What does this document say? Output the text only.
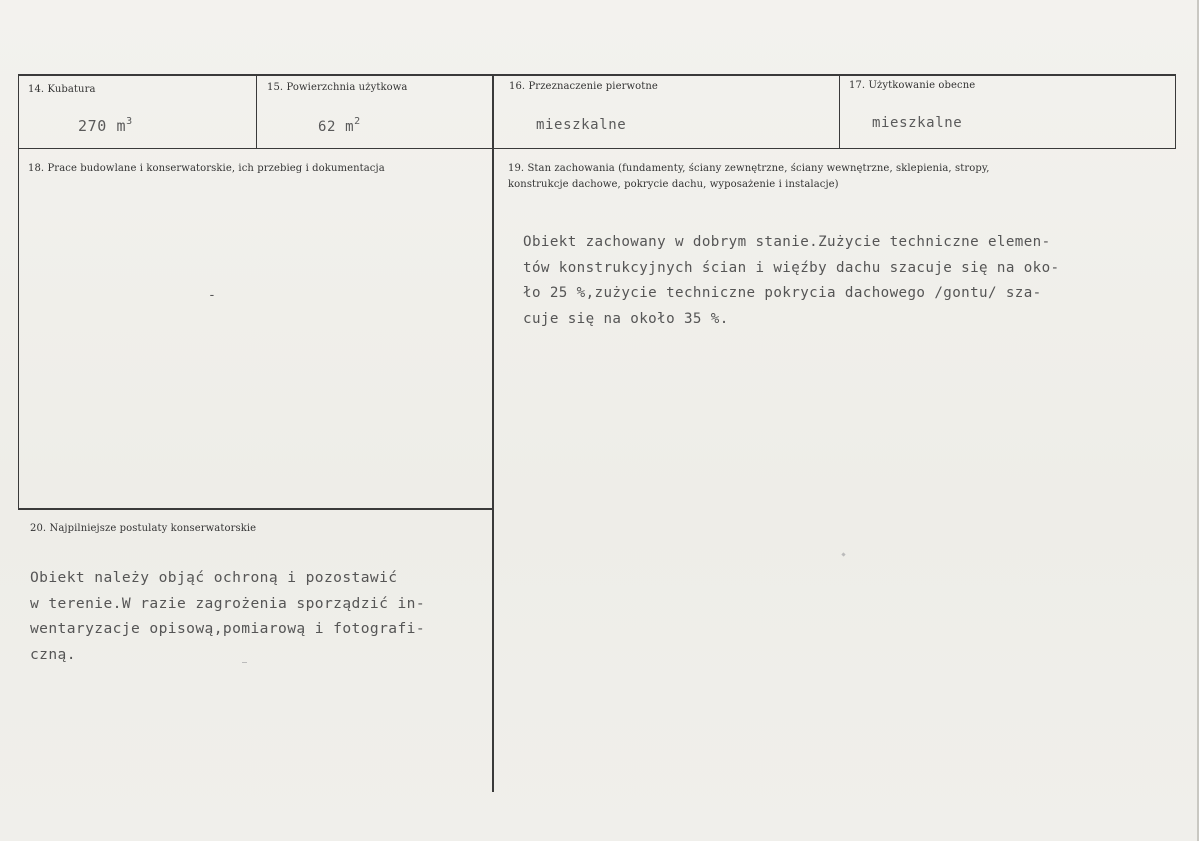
14. Kubatura
270 $m^3$
15. Powierzchnia użytkowa
62 $m^2$
16. Przeznaczenie pierwotne
mieszkalne
17. Użytkowanie obecne
mieszkalne
18. Prace budowlane i konserwatorskie, ich przebieg i dokumentacja
-
19. Stan zachowania (fundamenty, ściany zewnętrzne, ściany wewnętrzne, sklepienia, stropy,
konstrukcje dachowe, pokrycie dachu, wyposażenie i instalacje)
Obiekt zachowany w dobrym stanie.Zużycie techniczne elemen-
tów konstrukcyjnych ścian i więźby dachu szacuje się na oko-
ło 25 %,zużycie techniczne pokrycia dachowego /gontu/ sza-
cuje się na około 35 %.
20. Najpilniejsze postulaty konserwatorskie
Obiekt należy objąć ochroną i pozostawić
w terenie.W razie zagrożenia sporządzić in-
wentaryzacje opisową,pomiarową i fotografi-
czną.
